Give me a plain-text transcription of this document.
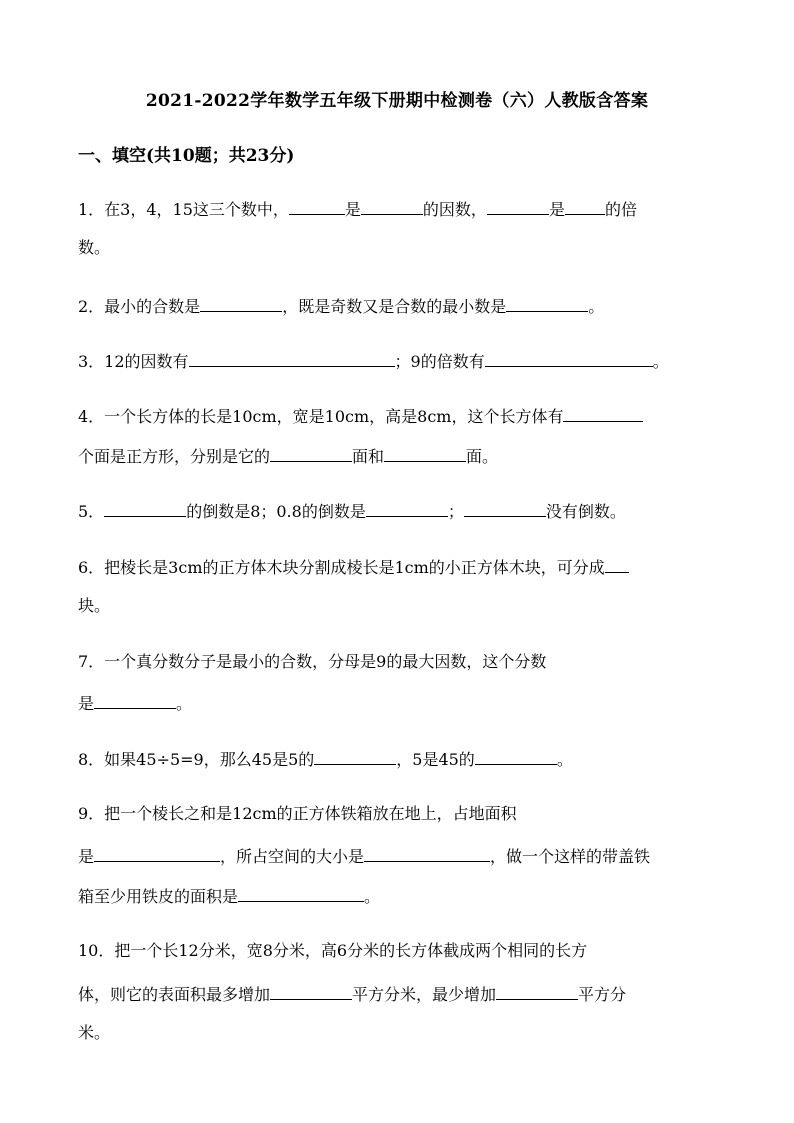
2021-2022学年数学五年级下册期中检测卷（六）人教版含答案
一、填空(共10题；共23分)
1．在3，4，15这三个数中，	是	的因数，	是	的倍
数。
2．最小的合数是	，既是奇数又是合数的最小数是	。
3．12的因数有	；9的倍数有	。
4．一个长方体的长是10cm，宽是10cm，高是8cm，这个长方体有
个面是正方形，分别是它的	面和	面。
5．	的倒数是8；0.8的倒数是	；	没有倒数。
6．把棱长是3cm的正方体木块分割成棱长是1cm的小正方体木块，可分成
块。
7．一个真分数分子是最小的合数，分母是9的最大因数，这个分数
是	。
8．如果45÷5=9，那么45是5的	，5是45的	。
9．把一个棱长之和是12cm的正方体铁箱放在地上，占地面积
是	，所占空间的大小是	，做一个这样的带盖铁
箱至少用铁皮的面积是	。
10．把一个长12分米，宽8分米，高6分米的长方体截成两个相同的长方
体，则它的表面积最多增加	平方分米，最少增加	平方分
米。
